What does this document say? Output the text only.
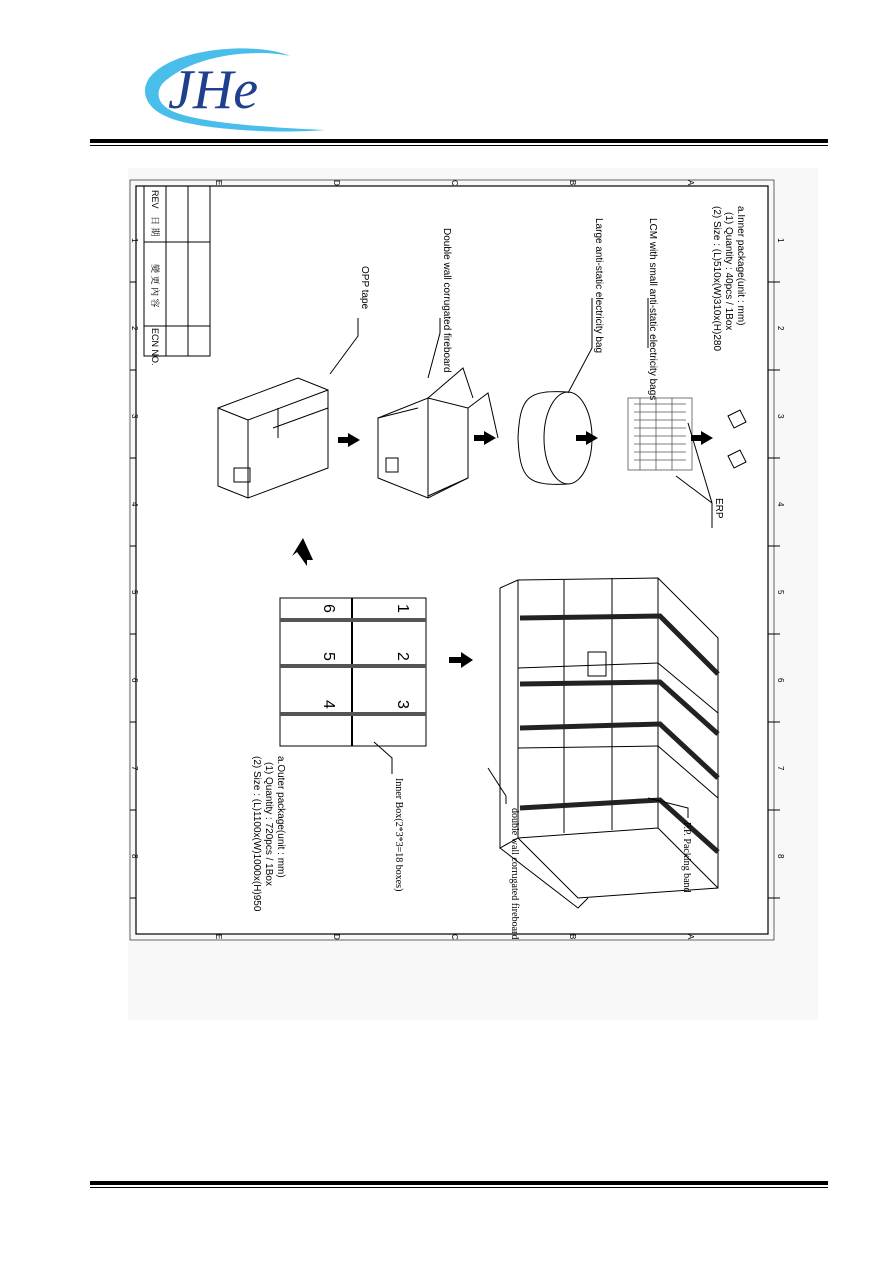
JHe
1
1
2
2
3
3
4
4
5
5
6
6
7
7
8
8
A
A
B
B
C
C
D
D
E
E
REV
日 期
變 更 內 容
ECN NO.
a.Inner package(unit : mm)
(1) Quantity : 40pcs / 1Box
(2) Size : (L)510x(W)310x(H)280
LCM with small anti-static electricity bags
Large anti-static electricity bag
Double wall corrugated fireboard
OPP tape
ERP
P.P. Packing band
double wall corrugated fireboard
1
2
3
6
5
4
Inner Box(2*3*3=18 boxes)
a.Outer package(unit : mm)
(1) Quantity : 720pcs / 1Box
(2) Size : (L)1100x(W)1000x(H)950
